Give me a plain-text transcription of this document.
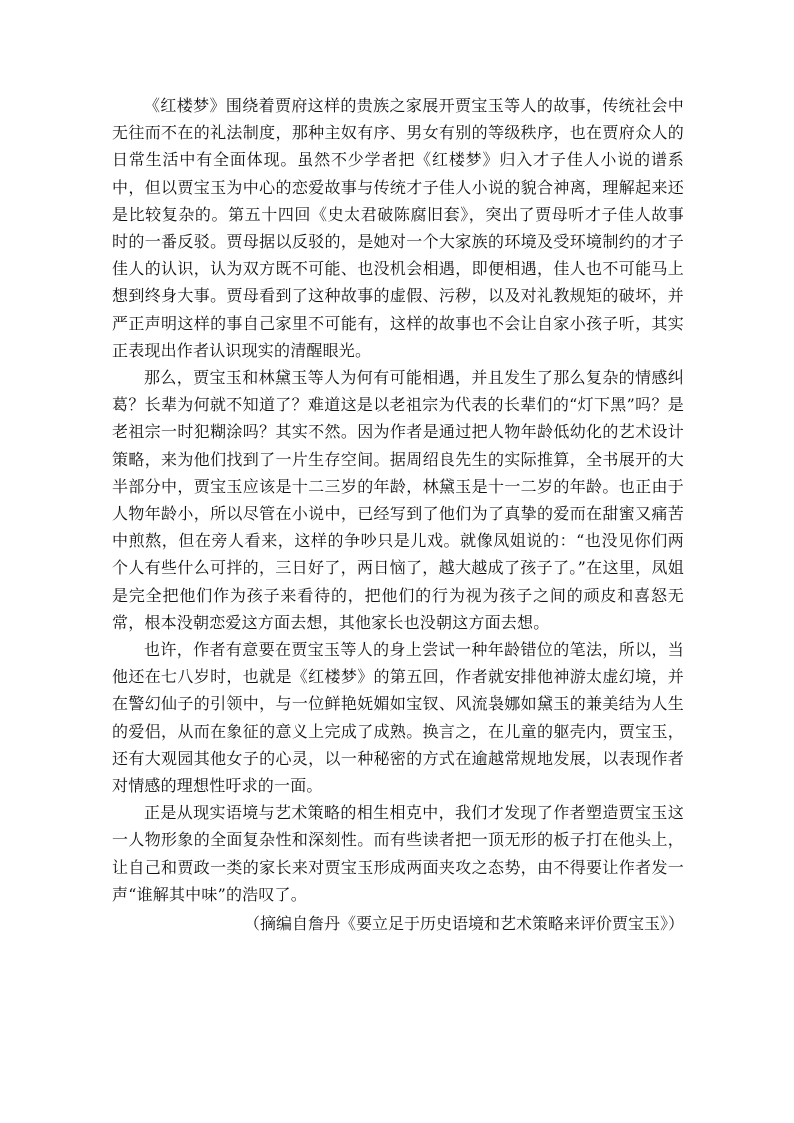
《红楼梦》围绕着贾府这样的贵族之家展开贾宝玉等人的故事，传统社会中无往而不在的礼法制度，那种主奴有序、男女有别的等级秩序，也在贾府众人的日常生活中有全面体现。虽然不少学者把《红楼梦》归入才子佳人小说的谱系中，但以贾宝玉为中心的恋爱故事与传统才子佳人小说的貌合神离，理解起来还是比较复杂的。第五十四回《史太君破陈腐旧套》，突出了贾母听才子佳人故事时的一番反驳。贾母据以反驳的，是她对一个大家族的环境及受环境制约的才子佳人的认识，认为双方既不可能、也没机会相遇，即便相遇，佳人也不可能马上想到终身大事。贾母看到了这种故事的虚假、污秽，以及对礼教规矩的破坏，并严正声明这样的事自己家里不可能有，这样的故事也不会让自家小孩子听，其实正表现出作者认识现实的清醒眼光。

那么，贾宝玉和林黛玉等人为何有可能相遇，并且发生了那么复杂的情感纠葛？长辈为何就不知道了？难道这是以老祖宗为代表的长辈们的“灯下黑”吗？是老祖宗一时犯糊涂吗？其实不然。因为作者是通过把人物年龄低幼化的艺术设计策略，来为他们找到了一片生存空间。据周绍良先生的实际推算，全书展开的大半部分中，贾宝玉应该是十二三岁的年龄，林黛玉是十一二岁的年龄。也正由于人物年龄小，所以尽管在小说中，已经写到了他们为了真挚的爱而在甜蜜又痛苦中煎熬，但在旁人看来，这样的争吵只是儿戏。就像凤姐说的：“也没见你们两个人有些什么可拌的，三日好了，两日恼了，越大越成了孩子了。”在这里，凤姐是完全把他们作为孩子来看待的，把他们的行为视为孩子之间的顽皮和喜怒无常，根本没朝恋爱这方面去想，其他家长也没朝这方面去想。

也许，作者有意要在贾宝玉等人的身上尝试一种年龄错位的笔法，所以，当他还在七八岁时，也就是《红楼梦》的第五回，作者就安排他神游太虚幻境，并在警幻仙子的引领中，与一位鲜艳妩媚如宝钗、风流袅娜如黛玉的兼美结为人生的爱侣，从而在象征的意义上完成了成熟。换言之，在儿童的躯壳内，贾宝玉，还有大观园其他女子的心灵，以一种秘密的方式在逾越常规地发展，以表现作者对情感的理想性吁求的一面。

正是从现实语境与艺术策略的相生相克中，我们才发现了作者塑造贾宝玉这一人物形象的全面复杂性和深刻性。而有些读者把一顶无形的板子打在他头上，让自己和贾政一类的家长来对贾宝玉形成两面夹攻之态势，由不得要让作者发一声“谁解其中味”的浩叹了。

（摘编自詹丹《要立足于历史语境和艺术策略来评价贾宝玉》）
